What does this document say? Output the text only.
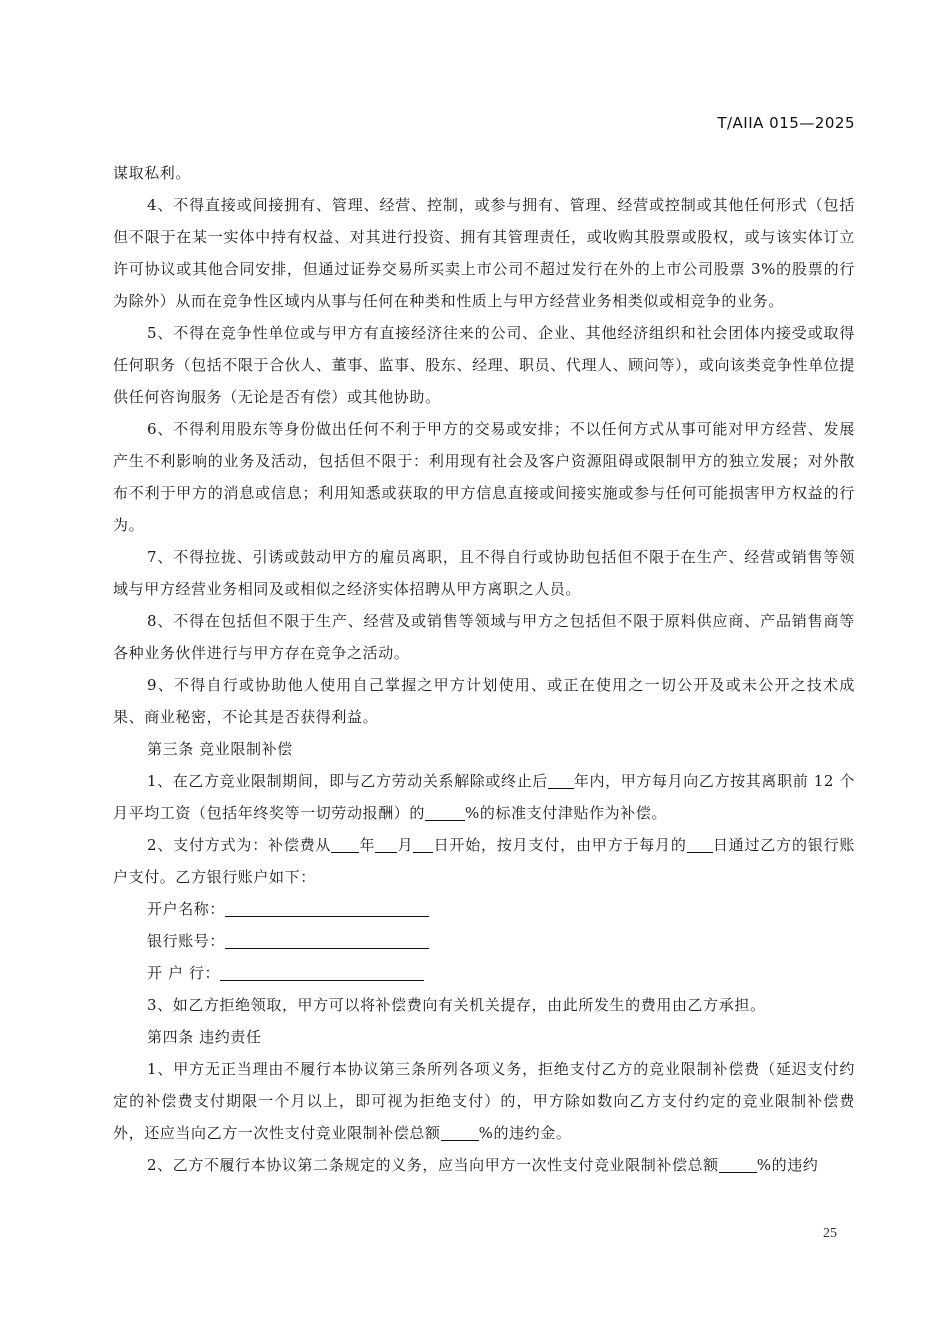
T/AIIA 015—2025

谋取私利。

4、不得直接或间接拥有、管理、经营、控制，或参与拥有、管理、经营或控制或其他任何形式（包括但不限于在某一实体中持有权益、对其进行投资、拥有其管理责任，或收购其股票或股权，或与该实体订立许可协议或其他合同安排，但通过证券交易所买卖上市公司不超过发行在外的上市公司股票 3%的股票的行为除外）从而在竞争性区域内从事与任何在种类和性质上与甲方经营业务相类似或相竞争的业务。

5、不得在竞争性单位或与甲方有直接经济往来的公司、企业、其他经济组织和社会团体内接受或取得任何职务（包括不限于合伙人、董事、监事、股东、经理、职员、代理人、顾问等），或向该类竞争性单位提供任何咨询服务（无论是否有偿）或其他协助。

6、不得利用股东等身份做出任何不利于甲方的交易或安排；不以任何方式从事可能对甲方经营、发展产生不利影响的业务及活动，包括但不限于：利用现有社会及客户资源阻碍或限制甲方的独立发展；对外散布不利于甲方的消息或信息；利用知悉或获取的甲方信息直接或间接实施或参与任何可能损害甲方权益的行为。

7、不得拉拢、引诱或鼓动甲方的雇员离职，且不得自行或协助包括但不限于在生产、经营或销售等领域与甲方经营业务相同及或相似之经济实体招聘从甲方离职之人员。

8、不得在包括但不限于生产、经营及或销售等领域与甲方之包括但不限于原料供应商、产品销售商等各种业务伙伴进行与甲方存在竞争之活动。

9、不得自行或协助他人使用自己掌握之甲方计划使用、或正在使用之一切公开及或未公开之技术成果、商业秘密，不论其是否获得利益。

第三条 竞业限制补偿

1、在乙方竞业限制期间，即与乙方劳动关系解除或终止后 年内，甲方每月向乙方按其离职前 12 个月平均工资（包括年终奖等一切劳动报酬）的	%的标准支付津贴作为补偿。

2、支付方式为：补偿费从 年 月 日开始，按月支付，由甲方于每月的 日通过乙方的银行账户支付。乙方银行账户如下：

开户名称：

银行账号：

开 户 行：

3、如乙方拒绝领取，甲方可以将补偿费向有关机关提存，由此所发生的费用由乙方承担。

第四条 违约责任

1、甲方无正当理由不履行本协议第三条所列各项义务，拒绝支付乙方的竞业限制补偿费（延迟支付约定的补偿费支付期限一个月以上，即可视为拒绝支付）的，甲方除如数向乙方支付约定的竞业限制补偿费外，还应当向乙方一次性支付竞业限制补偿总额	%的违约金。

2、乙方不履行本协议第二条规定的义务，应当向甲方一次性支付竞业限制补偿总额	%的违约

25
